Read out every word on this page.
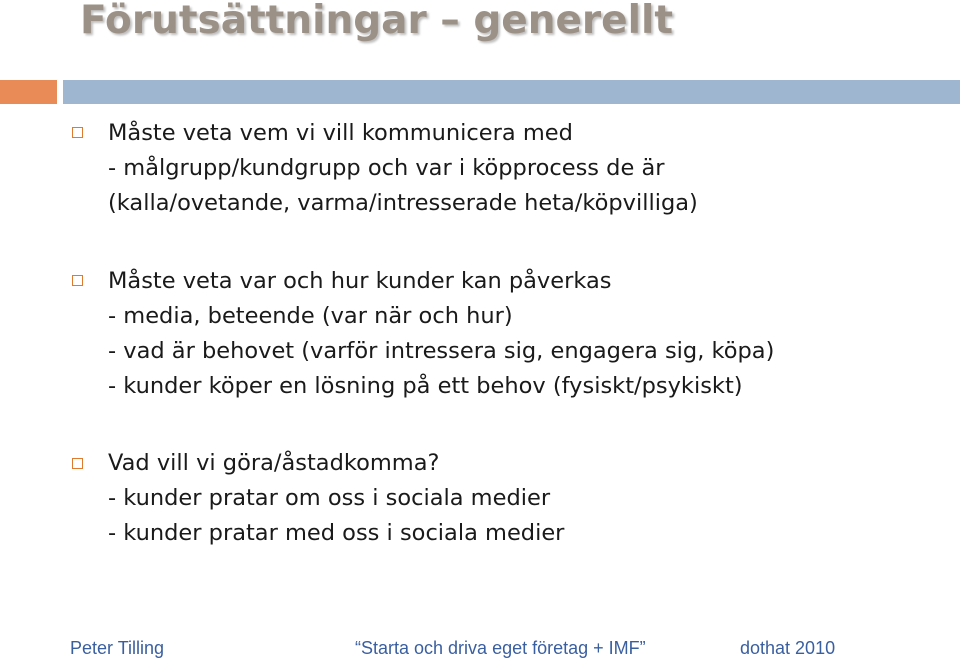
Förutsättningar – generellt
Måste veta vem vi vill kommunicera med
- målgrupp/kundgrupp och var i köpprocess de är
(kalla/ovetande, varma/intresserade heta/köpvilliga)
Måste veta var och hur kunder kan påverkas
- media, beteende (var när och hur)
- vad är behovet (varför intressera sig, engagera sig, köpa)
- kunder köper en lösning på ett behov (fysiskt/psykiskt)
Vad vill vi göra/åstadkomma?
- kunder pratar om oss i sociala medier
- kunder pratar med oss i sociala medier
Peter Tilling	“Starta och driva eget företag + IMF”	dothat 2010
